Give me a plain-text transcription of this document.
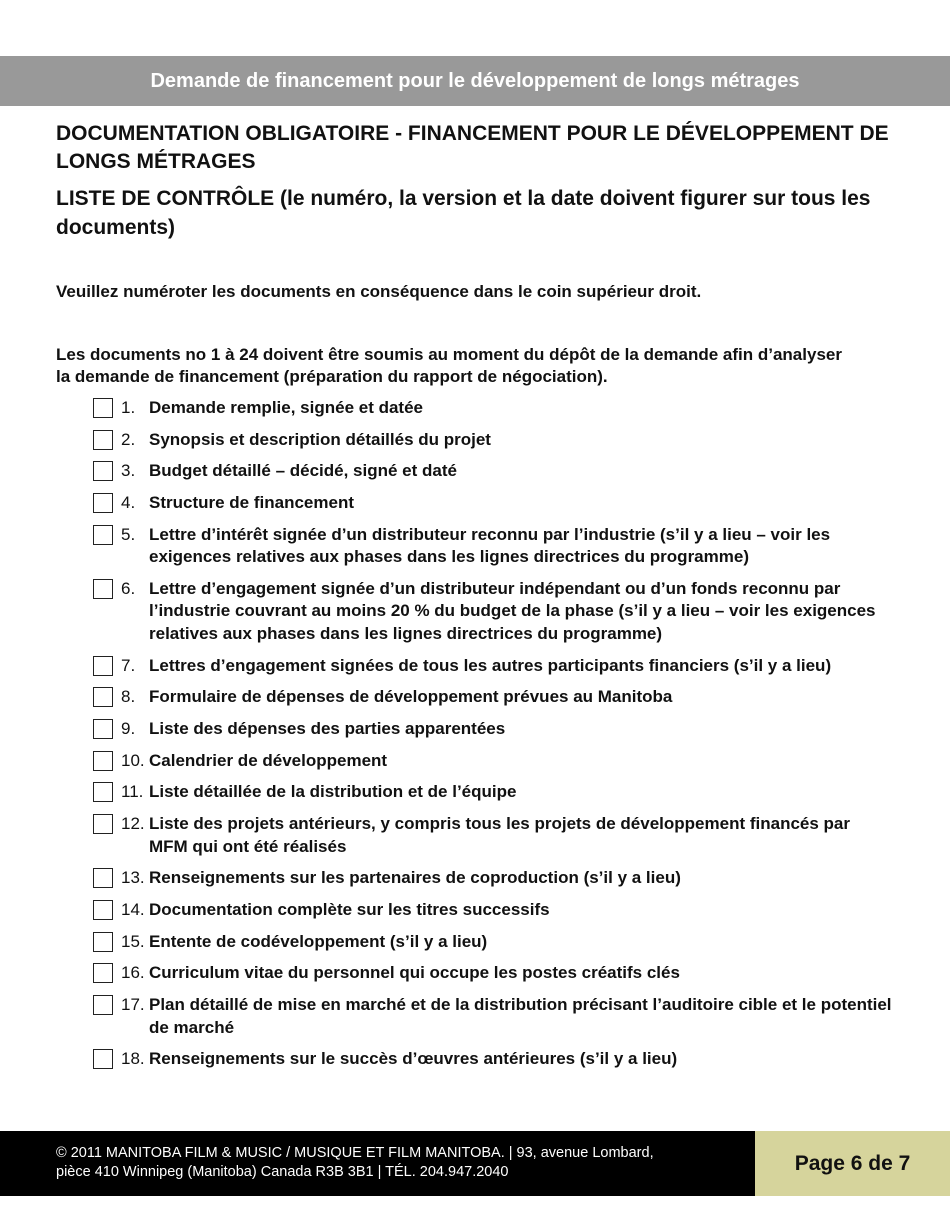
Demande de financement pour le développement de longs métrages
DOCUMENTATION OBLIGATOIRE - FINANCEMENT POUR LE DÉVELOPPEMENT DE LONGS MÉTRAGES
LISTE DE CONTRÔLE (le numéro, la version et la date doivent figurer sur tous les documents)

Veuillez numéroter les documents en conséquence dans le coin supérieur droit.

Les documents no 1 à 24 doivent être soumis au moment du dépôt de la demande afin d’analyser la demande de financement (préparation du rapport de négociation).

1. Demande remplie, signée et datée
2. Synopsis et description détaillés du projet
3. Budget détaillé – décidé, signé et daté
4. Structure de financement
5. Lettre d’intérêt signée d’un distributeur reconnu par l’industrie (s’il y a lieu – voir les exigences relatives aux phases dans les lignes directrices du programme)
6. Lettre d’engagement signée d’un distributeur indépendant ou d’un fonds reconnu par l’industrie couvrant au moins 20 % du budget de la phase (s’il y a lieu – voir les exigences relatives aux phases dans les lignes directrices du programme)
7. Lettres d’engagement signées de tous les autres participants financiers (s’il y a lieu)
8. Formulaire de dépenses de développement prévues au Manitoba
9. Liste des dépenses des parties apparentées
10. Calendrier de développement
11. Liste détaillée de la distribution et de l’équipe
12. Liste des projets antérieurs, y compris tous les projets de développement financés par MFM qui ont été réalisés
13. Renseignements sur les partenaires de coproduction (s’il y a lieu)
14. Documentation complète sur les titres successifs
15. Entente de codéveloppement (s’il y a lieu)
16. Curriculum vitae du personnel qui occupe les postes créatifs clés
17. Plan détaillé de mise en marché et de la distribution précisant l’auditoire cible et le potentiel de marché
18. Renseignements sur le succès d’œuvres antérieures (s’il y a lieu)

© 2011 MANITOBA FILM & MUSIC / MUSIQUE ET FILM MANITOBA. | 93, avenue Lombard,
pièce 410 Winnipeg (Manitoba) Canada R3B 3B1 | TÉL. 204.947.2040	Page 6 de 7
